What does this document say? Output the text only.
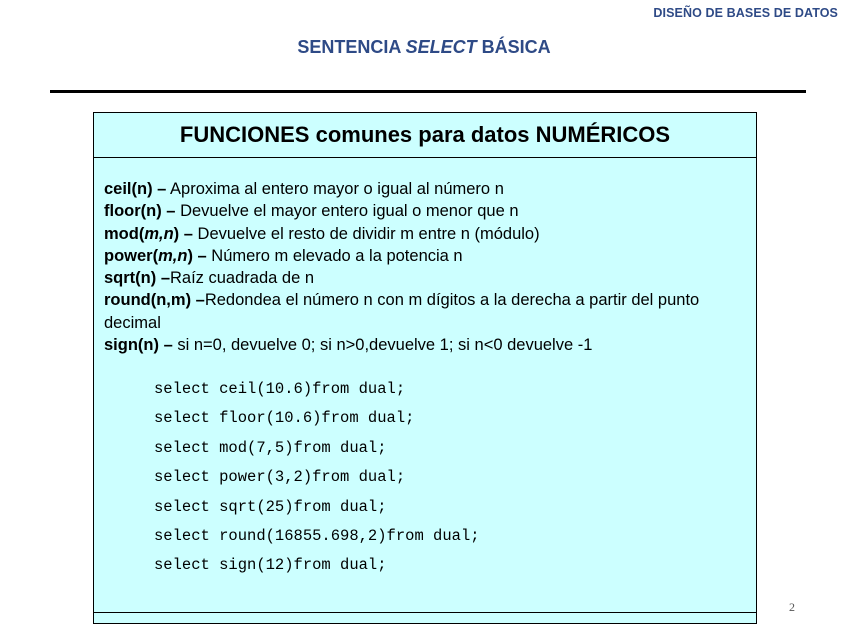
DISEÑO DE BASES DE DATOS
SENTENCIA SELECT BÁSICA
FUNCIONES comunes para datos NUMÉRICOS
ceil(n) – Aproxima al entero mayor o igual al número n
floor(n) – Devuelve el mayor entero igual o menor que n
mod(m,n) – Devuelve el resto de dividir m entre n (módulo)
power(m,n) – Número m elevado a la potencia n
sqrt(n) –Raíz cuadrada de n
round(n,m) –Redondea el número n con m dígitos a la derecha a partir del punto decimal
sign(n) – si n=0, devuelve 0; si n>0,devuelve 1; si n<0 devuelve -1
select ceil(10.6)from dual;
select floor(10.6)from dual;
select mod(7,5)from dual;
select power(3,2)from dual;
select sqrt(25)from dual;
select round(16855.698,2)from dual;
select sign(12)from dual;
2
